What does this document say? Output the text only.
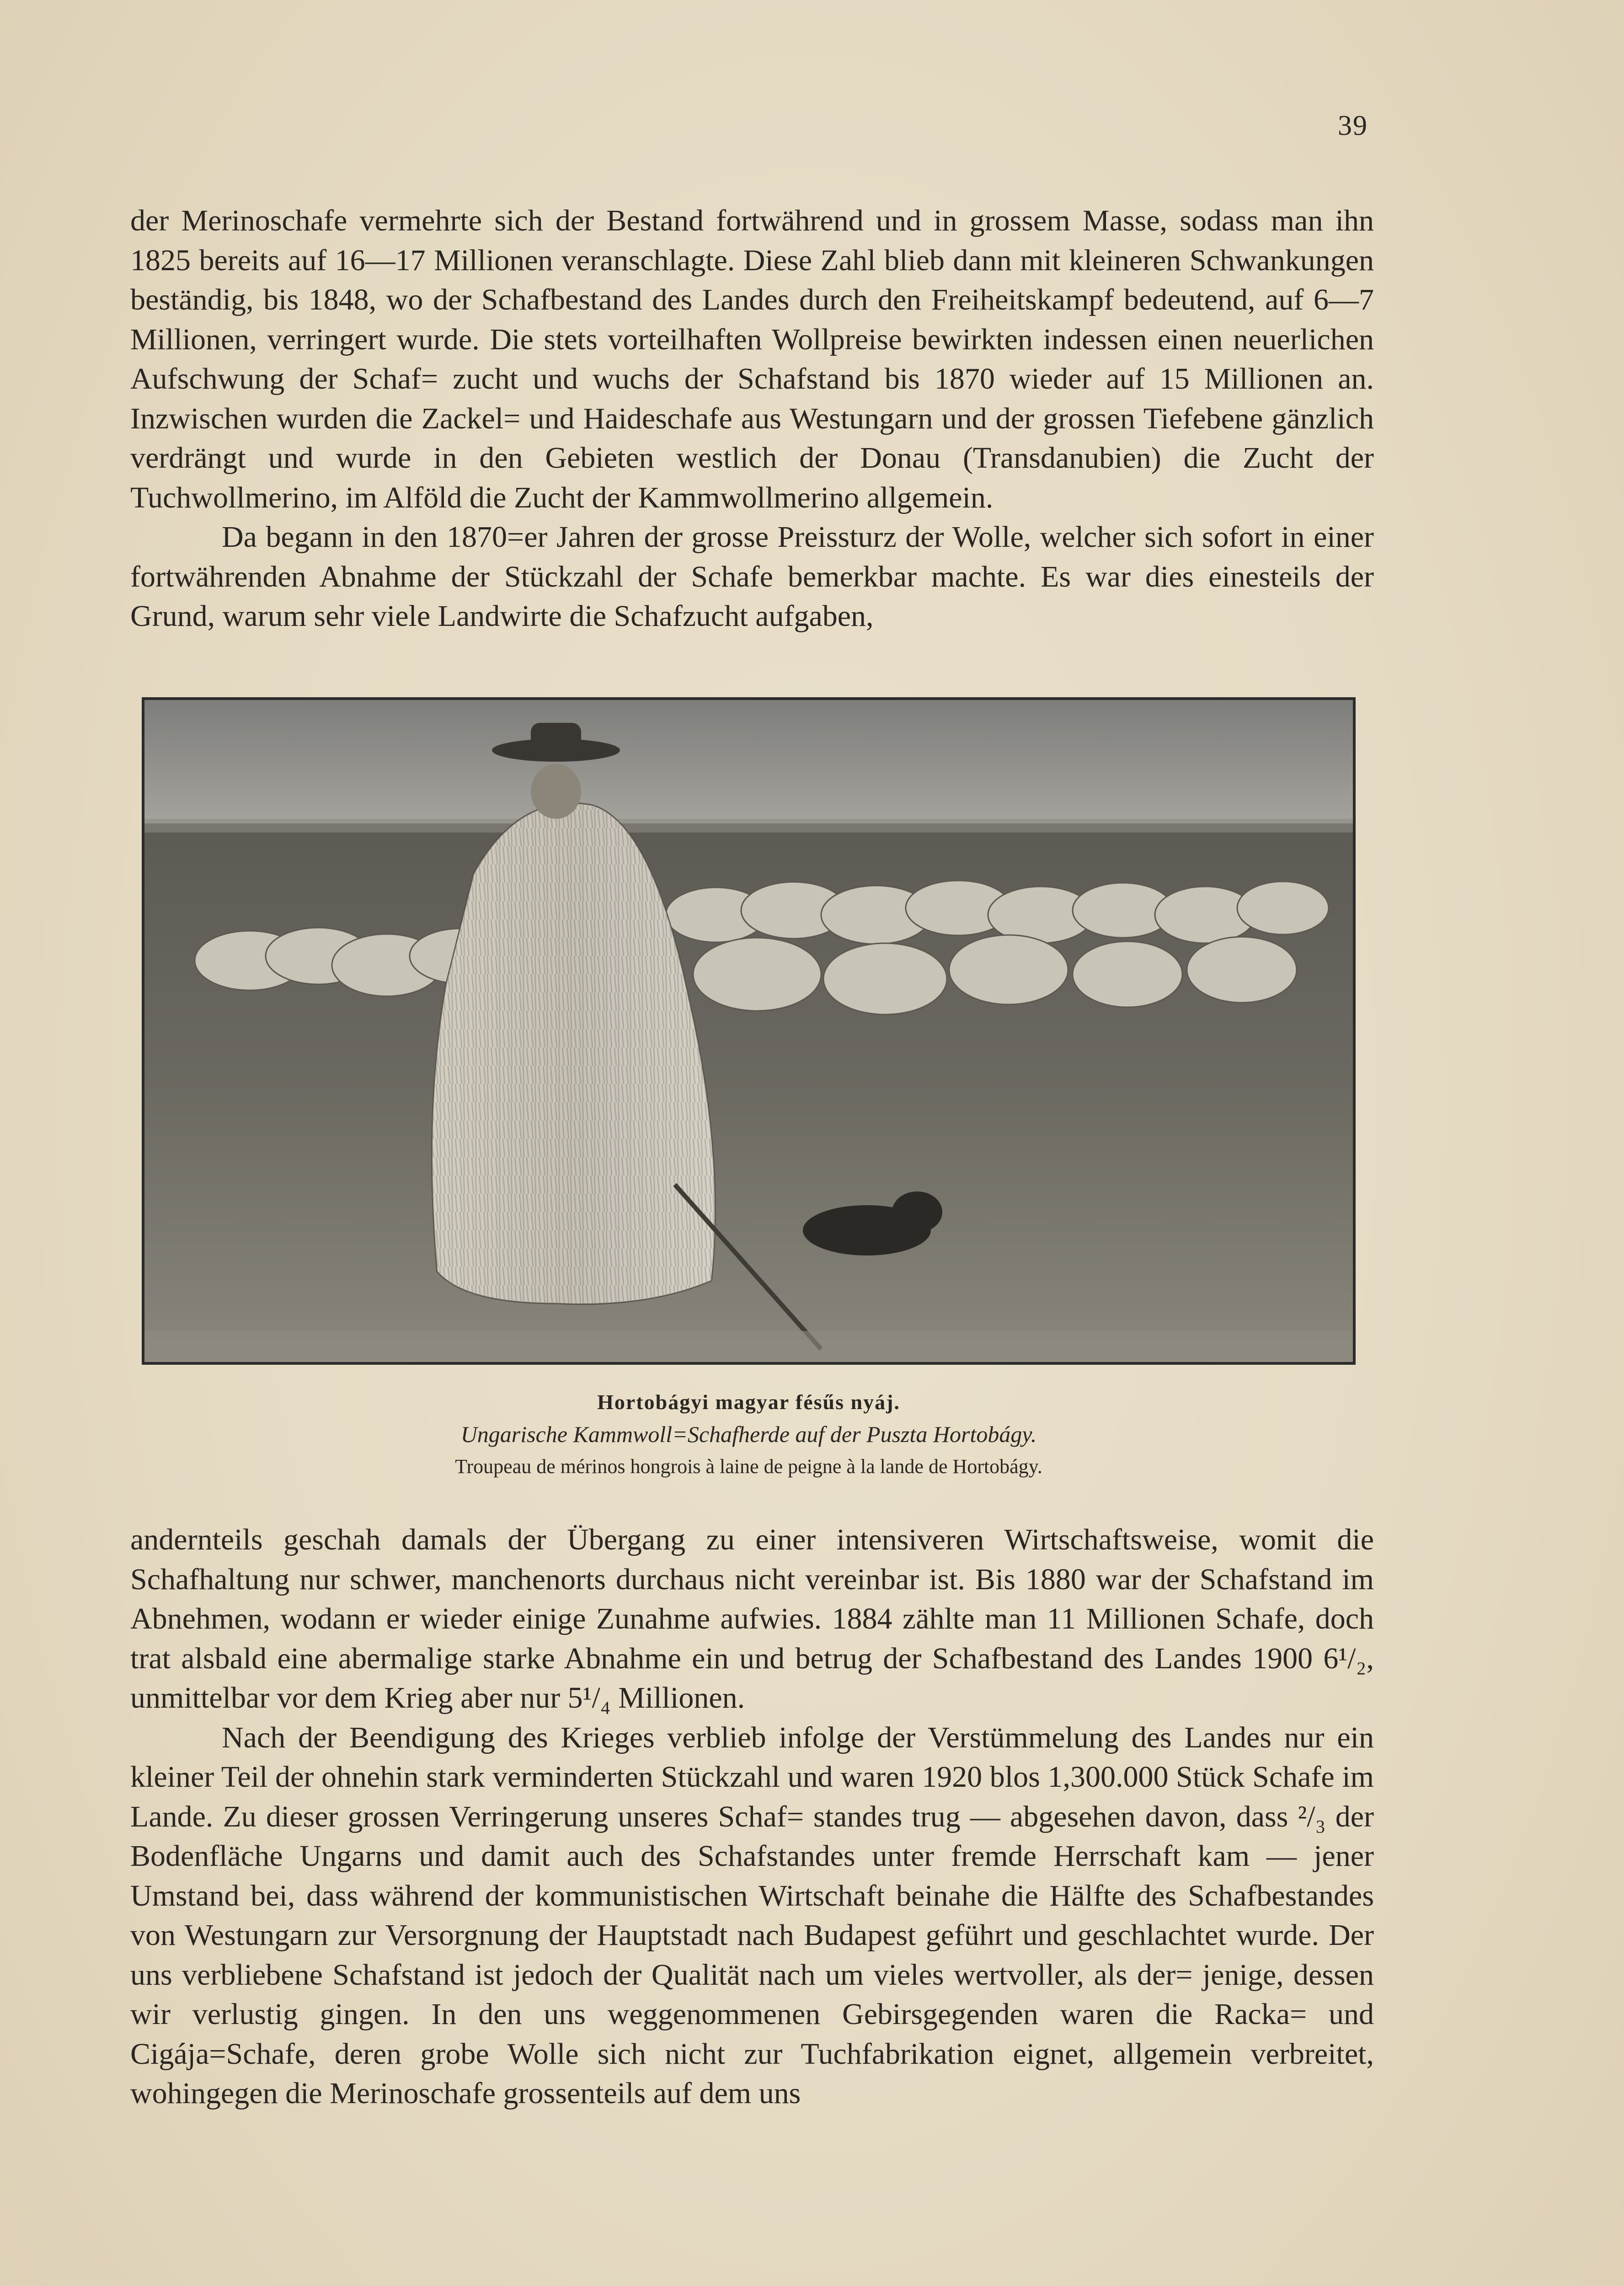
39

der Merinoschafe vermehrte sich der Bestand fortwährend und in grossem Masse, sodass man ihn 1825 bereits auf 16—17 Millionen veranschlagte. Diese Zahl blieb dann mit kleineren Schwankungen beständig, bis 1848, wo der Schafbestand des Landes durch den Freiheitskampf bedeutend, auf 6—7 Millionen, verringert wurde. Die stets vorteilhaften Wollpreise bewirkten indessen einen neuerlichen Aufschwung der Schaf= zucht und wuchs der Schafstand bis 1870 wieder auf 15 Millionen an. Inzwischen wurden die Zackel= und Haideschafe aus Westungarn und der grossen Tiefebene gänzlich verdrängt und wurde in den Gebieten westlich der Donau (Transdanubien) die Zucht der Tuchwollmerino, im Alföld die Zucht der Kammwollmerino allgemein.

Da begann in den 1870=er Jahren der grosse Preissturz der Wolle, welcher sich sofort in einer fortwährenden Abnahme der Stückzahl der Schafe bemerkbar machte. Es war dies einesteils der Grund, warum sehr viele Landwirte die Schafzucht aufgaben,

Hortobágyi magyar fésűs nyáj.
Ungarische Kammwoll=Schafherde auf der Puszta Hortobágy.
Troupeau de mérinos hongrois à laine de peigne à la lande de Hortobágy.

andernteils geschah damals der Übergang zu einer intensiveren Wirtschaftsweise, womit die Schafhaltung nur schwer, manchenorts durchaus nicht vereinbar ist. Bis 1880 war der Schafstand im Abnehmen, wodann er wieder einige Zunahme aufwies. 1884 zählte man 11 Millionen Schafe, doch trat alsbald eine abermalige starke Abnahme ein und betrug der Schafbestand des Landes 1900 6¹/₂, unmittelbar vor dem Krieg aber nur 5¹/₄ Millionen.

Nach der Beendigung des Krieges verblieb infolge der Verstümmelung des Landes nur ein kleiner Teil der ohnehin stark verminderten Stückzahl und waren 1920 blos 1,300.000 Stück Schafe im Lande. Zu dieser grossen Verringerung unseres Schaf= standes trug — abgesehen davon, dass ²/₃ der Bodenfläche Ungarns und damit auch des Schafstandes unter fremde Herrschaft kam — jener Umstand bei, dass während der kommunistischen Wirtschaft beinahe die Hälfte des Schafbestandes von Westungarn zur Versorgnung der Hauptstadt nach Budapest geführt und geschlachtet wurde. Der uns verbliebene Schafstand ist jedoch der Qualität nach um vieles wertvoller, als der= jenige, dessen wir verlustig gingen. In den uns weggenommenen Gebirsgegenden waren die Racka= und Cigája=Schafe, deren grobe Wolle sich nicht zur Tuchfabrikation eignet, allgemein verbreitet, wohingegen die Merinoschafe grossenteils auf dem uns
